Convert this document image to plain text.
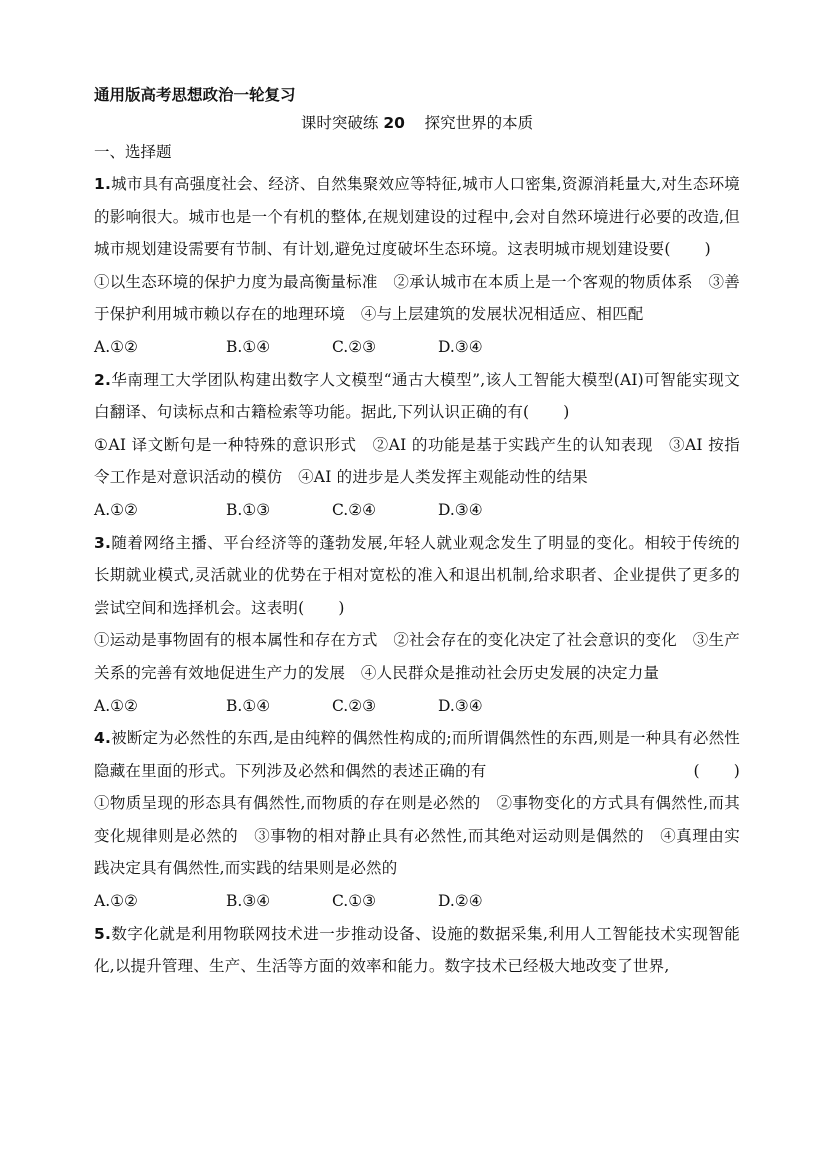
通用版高考思想政治一轮复习
课时突破练 20 探究世界的本质
一、选择题
1.城市具有高强度社会、经济、自然集聚效应等特征,城市人口密集,资源消耗量大,对生态环境的影响很大。城市也是一个有机的整体,在规划建设的过程中,会对自然环境进行必要的改造,但城市规划建设需要有节制、有计划,避免过度破坏生态环境。这表明城市规划建设要( )
①以生态环境的保护力度为最高衡量标准　②承认城市在本质上是一个客观的物质体系　③善于保护利用城市赖以存在的地理环境　④与上层建筑的发展状况相适应、相匹配
A.①②	B.①④	C.②③	D.③④
2.华南理工大学团队构建出数字人文模型“通古大模型”,该人工智能大模型(AI)可智能实现文白翻译、句读标点和古籍检索等功能。据此,下列认识正确的有( )
①AI 译文断句是一种特殊的意识形式　②AI 的功能是基于实践产生的认知表现　③AI 按指令工作是对意识活动的模仿　④AI 的进步是人类发挥主观能动性的结果
A.①②	B.①③	C.②④	D.③④
3.随着网络主播、平台经济等的蓬勃发展,年轻人就业观念发生了明显的变化。相较于传统的长期就业模式,灵活就业的优势在于相对宽松的准入和退出机制,给求职者、企业提供了更多的尝试空间和选择机会。这表明( )
①运动是事物固有的根本属性和存在方式　②社会存在的变化决定了社会意识的变化　③生产关系的完善有效地促进生产力的发展　④人民群众是推动社会历史发展的决定力量
A.①②	B.①④	C.②③	D.③④
4.被断定为必然性的东西,是由纯粹的偶然性构成的;而所谓偶然性的东西,则是一种具有必然性隐藏在里面的形式。下列涉及必然和偶然的表述正确的有	( )
①物质呈现的形态具有偶然性,而物质的存在则是必然的　②事物变化的方式具有偶然性,而其变化规律则是必然的　③事物的相对静止具有必然性,而其绝对运动则是偶然的　④真理由实践决定具有偶然性,而实践的结果则是必然的
A.①②	B.③④	C.①③	D.②④
5.数字化就是利用物联网技术进一步推动设备、设施的数据采集,利用人工智能技术实现智能化,以提升管理、生产、生活等方面的效率和能力。数字技术已经极大地改变了世界,
